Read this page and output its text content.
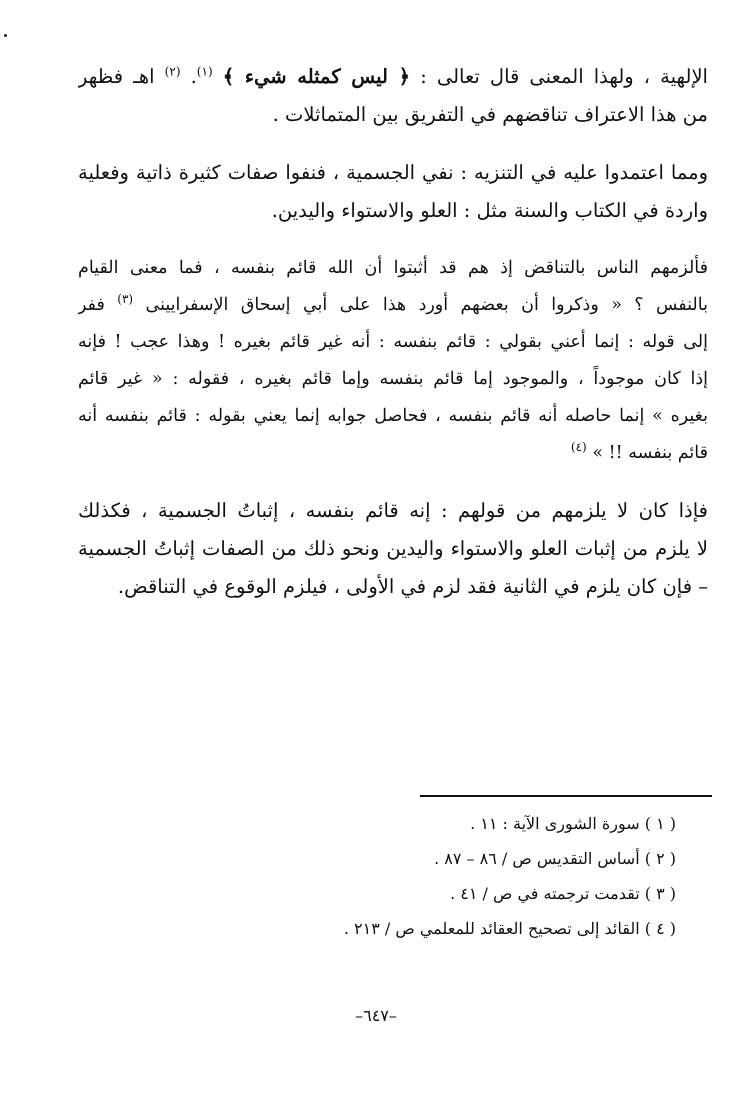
الإلهية ، ولهذا المعنى قال تعالى : ﴿ ليس كمثله شيء ﴾ $^{(١)}$. $^{(٢)}$ اهـ فظهر
من هذا الاعتراف تناقضهم في التفريق بين المتماثلات .

ومما اعتمدوا عليه في التنزيه : نفي الجسمية ، فنفوا صفات كثيرة ذاتية وفعلية
واردة في الكتاب والسنة مثل : العلو والاستواء واليدين.

فألزمهم الناس بالتناقض إذ هم قد أثبتوا أن الله قائم بنفسه ، فما معنى القيام
بالنفس ؟ « وذكروا أن بعضهم أورد هذا على أبي إسحاق الإسفرايينى $^{(٣)}$ ففر
إلى قوله : إنما أعني بقولي : قائم بنفسه : أنه غير قائم بغيره ! وهذا عجب ! فإنه
إذا كان موجوداً ، والموجود إما قائم بنفسه وإما قائم بغيره ، فقوله : « غير قائم
بغيره » إنما حاصله أنه قائم بنفسه ، فحاصل جوابه إنما يعني بقوله : قائم بنفسه أنه
قائم بنفسه !! » $^{(٤)}$

فإذا كان لا يلزمهم من قولهم : إنه قائم بنفسه ، إثباتُ الجسمية ، فكذلك
لا يلزم من إثبات العلو والاستواء واليدين ونحو ذلك من الصفات إثباتُ الجسمية
– فإن كان يلزم في الثانية فقد لزم في الأولى ، فيلزم الوقوع في التناقض.

( ١ ) سورة الشورى الآية : ١١ .

( ٢ ) أساس التقديس ص / ٨٦ – ٨٧ .

( ٣ ) تقدمت ترجمته في ص / ٤١ .

( ٤ ) القائد إلى تصحيح العقائد للمعلمي ص / ٢١٣ .

–٦٤٧–
